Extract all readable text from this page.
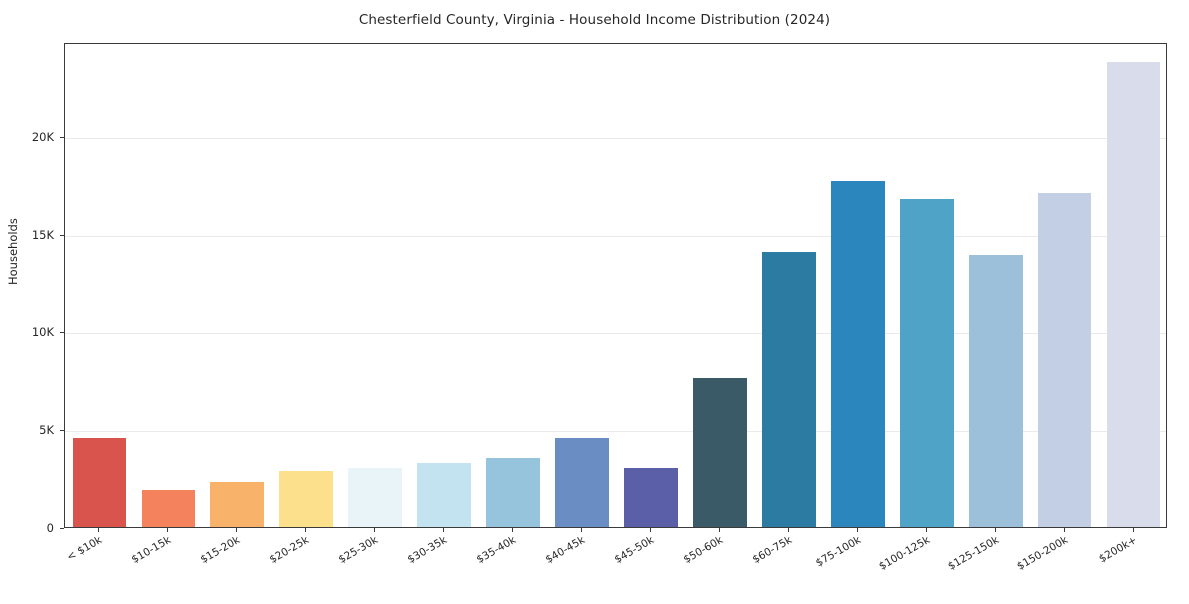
Chesterfield County, Virginia - Household Income Distribution (2024)
Households
0
5K
10K
15K
20K
< $10k	$10-15k	$15-20k	$20-25k	$25-30k	$30-35k	$35-40k	$40-45k	$45-50k	$50-60k	$60-75k	$75-100k	$100-125k	$125-150k	$150-200k	$200k+
